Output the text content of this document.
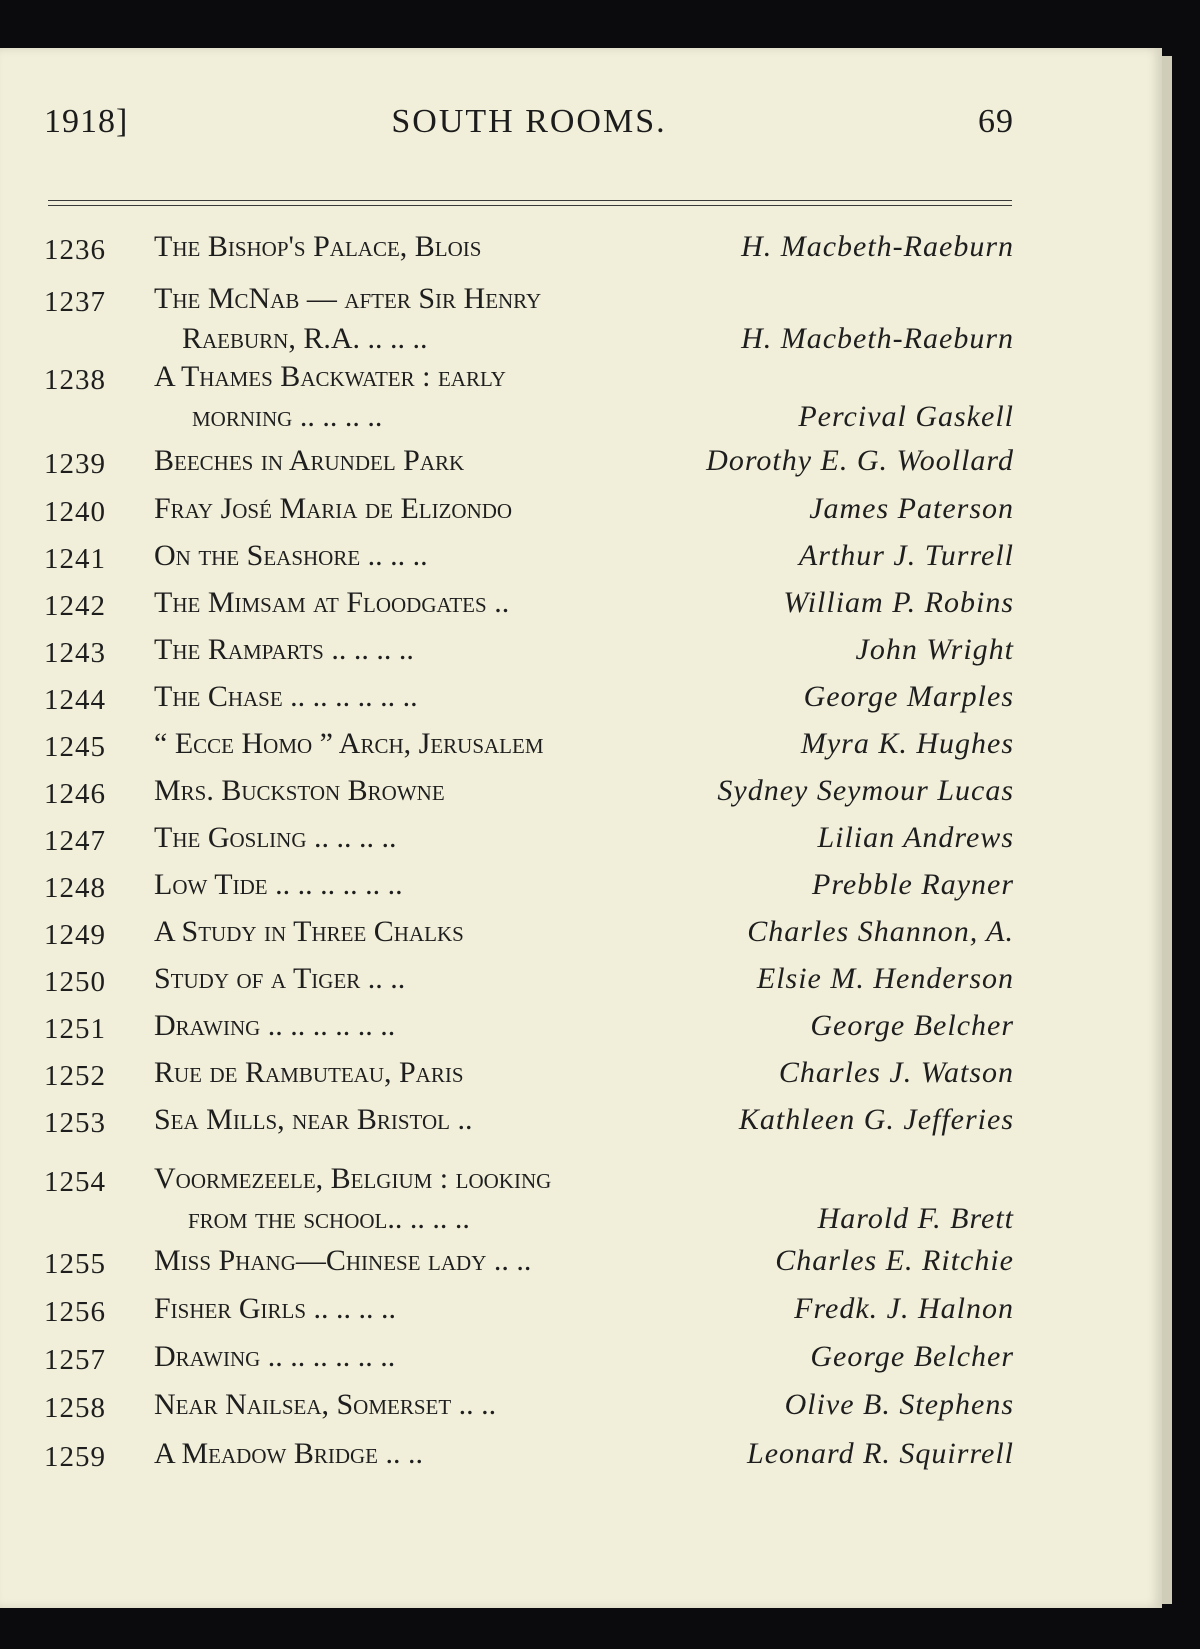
1918]	SOUTH ROOMS.	69
1236 The Bishop's Palace, Blois	H. Macbeth-Raeburn
1237 The McNab — after Sir Henry
Raeburn, R.A. .. .. ..	H. Macbeth-Raeburn
1238 A Thames Backwater : early
morning .. .. .. ..	Percival Gaskell
1239 Beeches in Arundel Park	Dorothy E. G. Woollard
1240 Fray José Maria de Elizondo	James Paterson
1241 On the Seashore .. .. ..	Arthur J. Turrell
1242 The Mimsam at Floodgates ..	William P. Robins
1243 The Ramparts .. .. .. ..	John Wright
1244 The Chase .. .. .. .. .. ..	George Marples
1245 “ Ecce Homo ” Arch, Jerusalem	Myra K. Hughes
1246 Mrs. Buckston Browne	Sydney Seymour Lucas
1247 The Gosling .. .. .. ..	Lilian Andrews
1248 Low Tide .. .. .. .. .. ..	Prebble Rayner
1249 A Study in Three Chalks	Charles Shannon, A.
1250 Study of a Tiger .. ..	Elsie M. Henderson
1251 Drawing .. .. .. .. .. ..	George Belcher
1252 Rue de Rambuteau, Paris	Charles J. Watson
1253 Sea Mills, near Bristol ..	Kathleen G. Jefferies
1254 Voormezeele, Belgium : looking
from the school.. .. .. ..	Harold F. Brett
1255 Miss Phang—Chinese lady .. ..	Charles E. Ritchie
1256 Fisher Girls .. .. .. ..	Fredk. J. Halnon
1257 Drawing .. .. .. .. .. ..	George Belcher
1258 Near Nailsea, Somerset .. ..	Olive B. Stephens
1259 A Meadow Bridge .. ..	Leonard R. Squirrell
